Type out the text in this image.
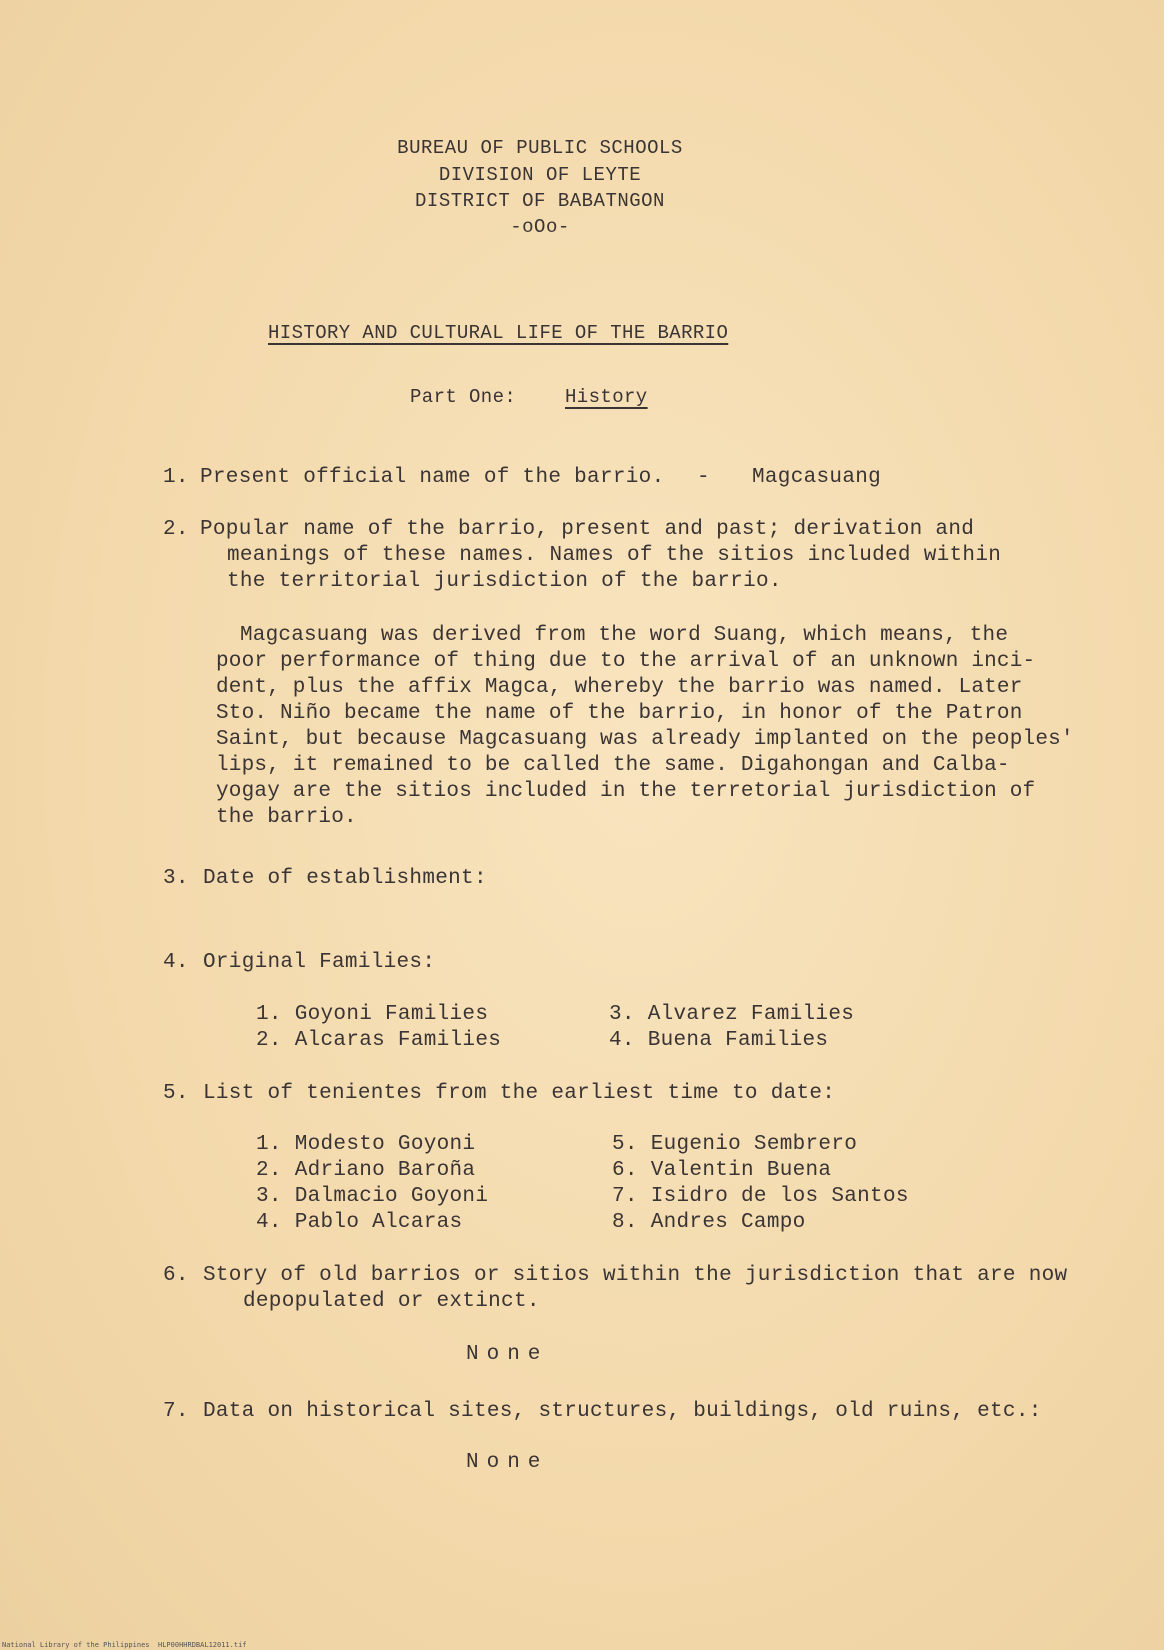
BUREAU OF PUBLIC SCHOOLS
DIVISION OF LEYTE
DISTRICT OF BABATNGON
-oOo-
HISTORY AND CULTURAL LIFE OF THE BARRIO
Part One:	History
1. Present official name of the barrio. - Magcasuang
2. Popular name of the barrio, present and past; derivation and
meanings of these names. Names of the sitios included within
the territorial jurisdiction of the barrio.
Magcasuang was derived from the word Suang, which means, the
poor performance of thing due to the arrival of an unknown inci-
dent, plus the affix Magca, whereby the barrio was named. Later
Sto. Niño became the name of the barrio, in honor of the Patron
Saint, but because Magcasuang was already implanted on the peoples'
lips, it remained to be called the same. Digahongan and Calba-
yogay are the sitios included in the terretorial jurisdiction of
the barrio.
3. Date of establishment:
4. Original Families:
1. Goyoni Families
2. Alcaras Families
3. Alvarez Families
4. Buena Families
5. List of tenientes from the earliest time to date:
1. Modesto Goyoni
2. Adriano Baroña
3. Dalmacio Goyoni
4. Pablo Alcaras
5. Eugenio Sembrero
6. Valentin Buena
7. Isidro de los Santos
8. Andres Campo
6. Story of old barrios or sitios within the jurisdiction that are now
depopulated or extinct.
None
7. Data on historical sites, structures, buildings, old ruins, etc.:
None
National Library of the Philippines HLP00HHRDBAL12011.tif
